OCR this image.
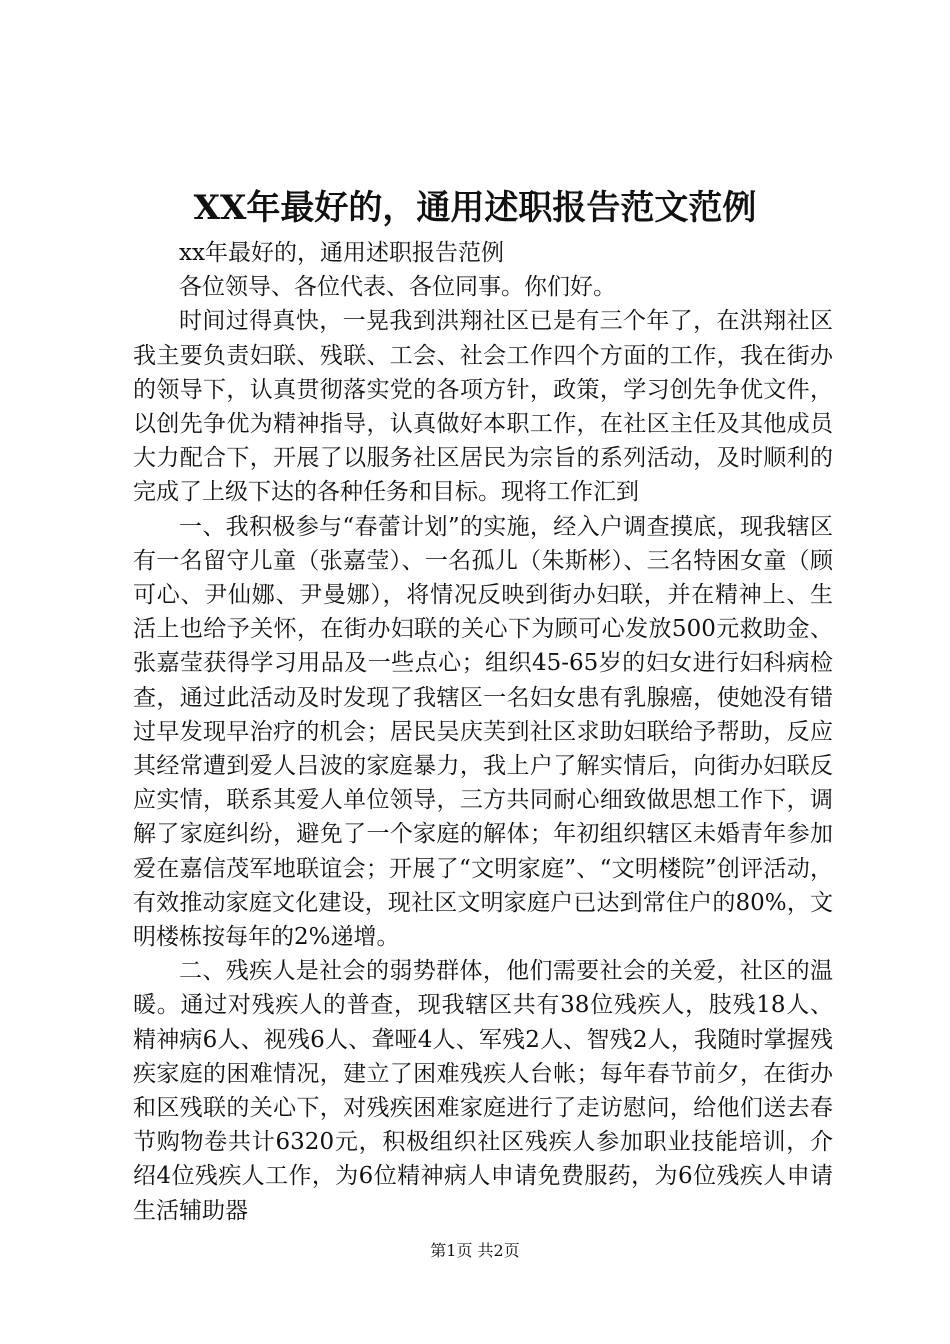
XX年最好的，通用述职报告范文范例

xx年最好的，通用述职报告范例

各位领导、各位代表、各位同事。你们好。

时间过得真快，一晃我到洪翔社区已是有三个年了，在洪翔社区我主要负责妇联、残联、工会、社会工作四个方面的工作，我在街办的领导下，认真贯彻落实党的各项方针，政策，学习创先争优文件，以创先争优为精神指导，认真做好本职工作，在社区主任及其他成员大力配合下，开展了以服务社区居民为宗旨的系列活动，及时顺利的完成了上级下达的各种任务和目标。现将工作汇到

一、我积极参与“春蕾计划”的实施，经入户调查摸底，现我辖区有一名留守儿童（张嘉莹）、一名孤儿（朱斯彬）、三名特困女童（顾可心、尹仙娜、尹曼娜），将情况反映到街办妇联，并在精神上、生活上也给予关怀，在街办妇联的关心下为顾可心发放500元救助金、张嘉莹获得学习用品及一些点心；组织45-65岁的妇女进行妇科病检查，通过此活动及时发现了我辖区一名妇女患有乳腺癌，使她没有错过早发现早治疗的机会；居民吴庆芙到社区求助妇联给予帮助，反应其经常遭到爱人吕波的家庭暴力，我上户了解实情后，向街办妇联反应实情，联系其爱人单位领导，三方共同耐心细致做思想工作下，调解了家庭纠纷，避免了一个家庭的解体；年初组织辖区未婚青年参加爱在嘉信茂军地联谊会；开展了“文明家庭”、“文明楼院”创评活动，有效推动家庭文化建设，现社区文明家庭户已达到常住户的80%，文明楼栋按每年的2%递增。

二、残疾人是社会的弱势群体，他们需要社会的关爱，社区的温暖。通过对残疾人的普查，现我辖区共有38位残疾人，肢残18人、精神病6人、视残6人、聋哑4人、军残2人、智残2人，我随时掌握残疾家庭的困难情况，建立了困难残疾人台帐；每年春节前夕，在街办和区残联的关心下，对残疾困难家庭进行了走访慰问，给他们送去春节购物卷共计6320元，积极组织社区残疾人参加职业技能培训，介绍4位残疾人工作，为6位精神病人申请免费服药，为6位残疾人申请生活辅助器

第1页 共2页
